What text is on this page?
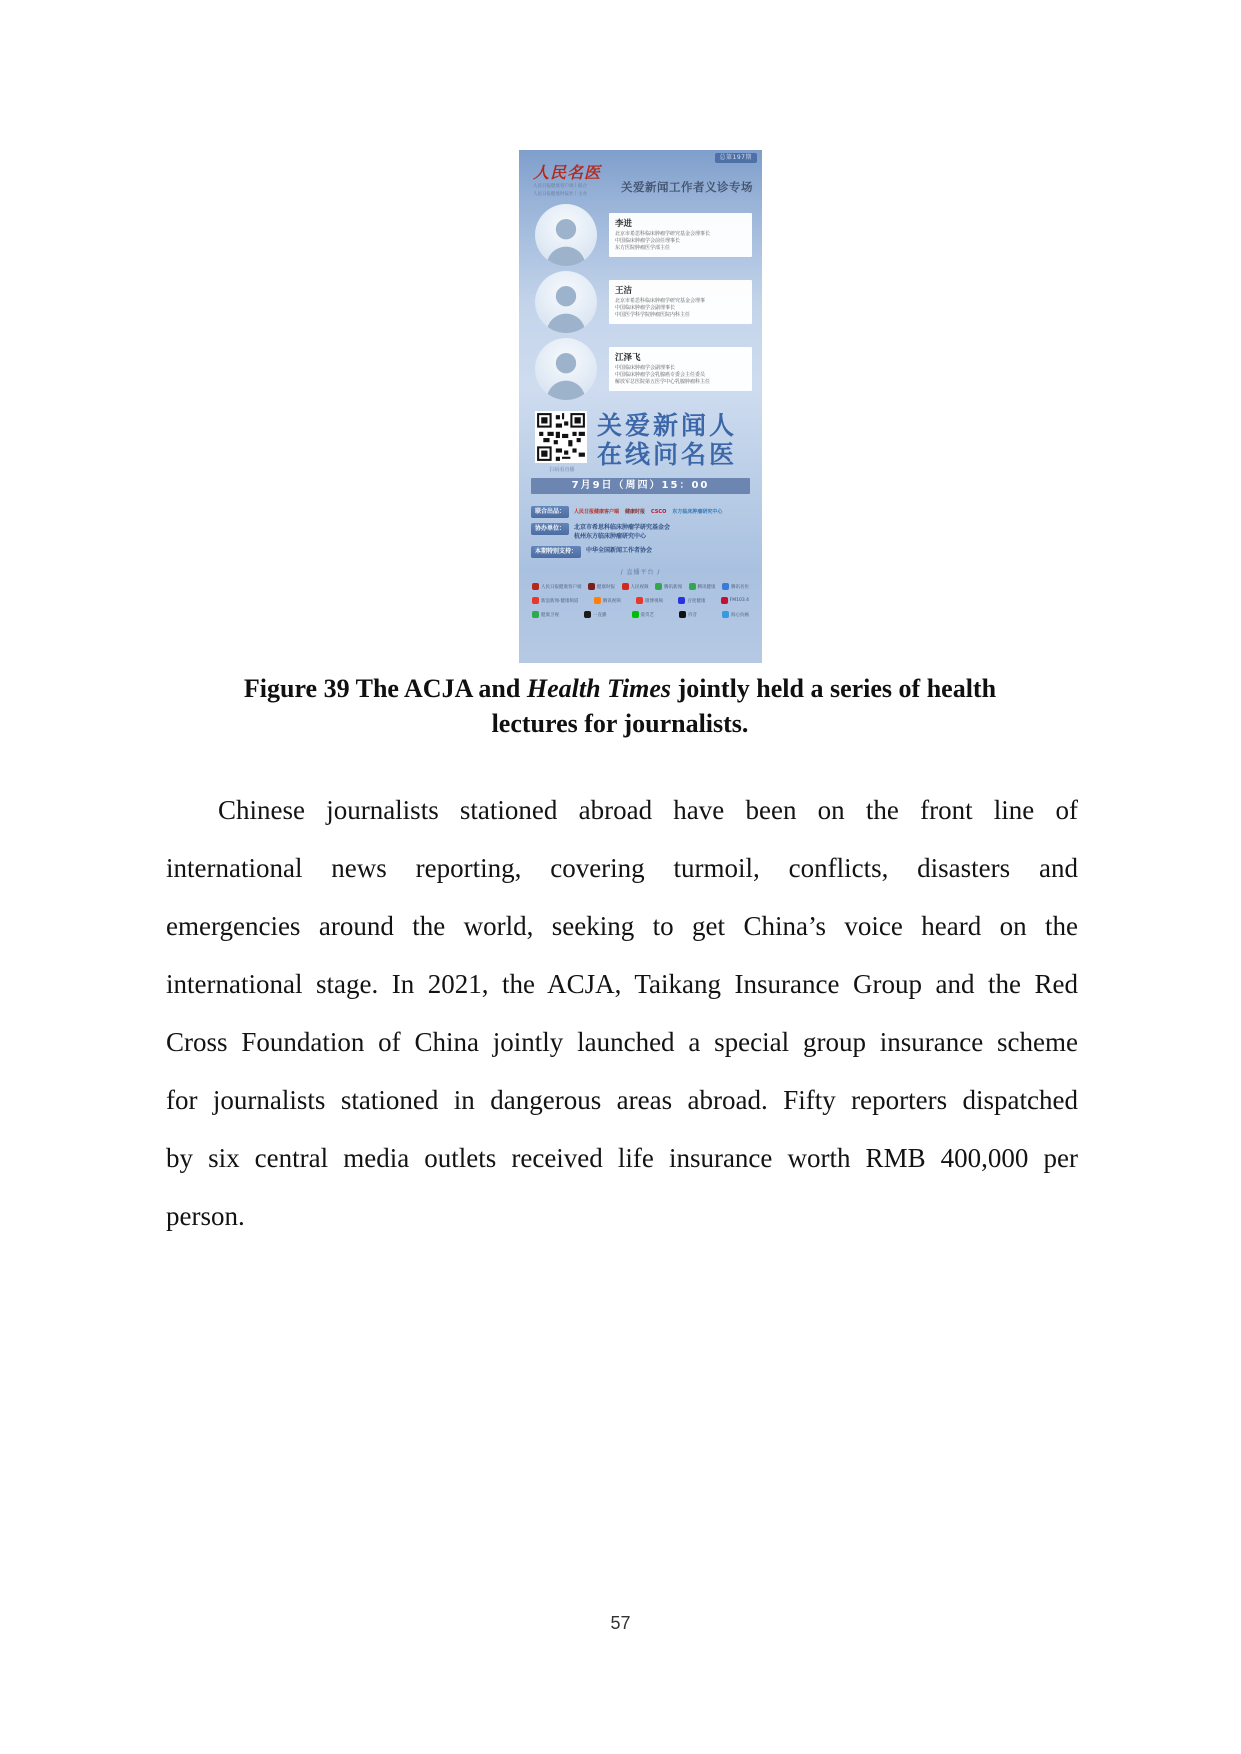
总第197期
人民名医
人民日报健康客户端丨联合
人民日报健康时报社丨主办
关爱新闻工作者义诊专场
李进
北京市希思科临床肿瘤学研究基金会理事长
中国临床肿瘤学会前任理事长
东方医院肿瘤医学部主任
王洁
北京市希思科临床肿瘤学研究基金会理事
中国临床肿瘤学会副理事长
中国医学科学院肿瘤医院内科主任
江泽飞
中国临床肿瘤学会副理事长
中国临床肿瘤学会乳腺癌专委会主任委员
解放军总医院第五医学中心乳腺肿瘤科主任
扫码看直播
关爱新闻人
在线问名医
7月9日（周四）15：00
联合出品：	人民日报健康客户端 健康时报 CSCO 东方临床肿瘤研究中心
协办单位：	北京市希思科临床肿瘤学研究基金会
杭州东方临床肿瘤研究中心
本期特别支持：	中华全国新闻工作者协会
/ 直播平台 /
人民日报健康客户端	健康时报	人民视频	腾讯新闻	腾讯健康	腾讯名医
新浪新闻·健康频道	腾讯视频	微博视频	百度健康	FM103.4
健康卫视	一直播	爱奇艺	抖音	海心抗癌
Figure 39 The ACJA and Health Times jointly held a series of health
lectures for journalists.
Chinese journalists stationed abroad have been on the front line of international news reporting, covering turmoil, conflicts, disasters and emergencies around the world, seeking to get China’s voice heard on the international stage. In 2021, the ACJA, Taikang Insurance Group and the Red Cross Foundation of China jointly launched a special group insurance scheme for journalists stationed in dangerous areas abroad. Fifty reporters dispatched by six central media outlets received life insurance worth RMB 400,000 per person.
57
